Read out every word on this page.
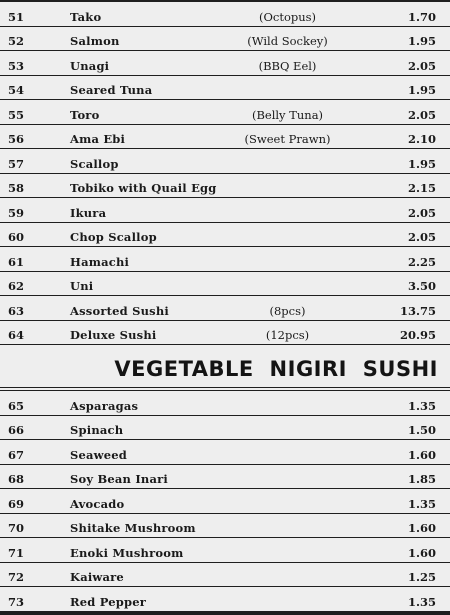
51	Tako	(Octopus)	1.70
52	Salmon	(Wild Sockey)	1.95
53	Unagi	(BBQ Eel)	2.05
54	Seared Tuna	1.95
55	Toro	(Belly Tuna)	2.05
56	Ama Ebi	(Sweet Prawn)	2.10
57	Scallop	1.95
58	Tobiko with Quail Egg	2.15
59	Ikura	2.05
60	Chop Scallop	2.05
61	Hamachi	2.25
62	Uni	3.50
63	Assorted Sushi	(8pcs)	13.75
64	Deluxe Sushi	(12pcs)	20.95
VEGETABLE NIGIRI SUSHI
65	Asparagas	1.35
66	Spinach	1.50
67	Seaweed	1.60
68	Soy Bean Inari	1.85
69	Avocado	1.35
70	Shitake Mushroom	1.60
71	Enoki Mushroom	1.60
72	Kaiware	1.25
73	Red Pepper	1.35
